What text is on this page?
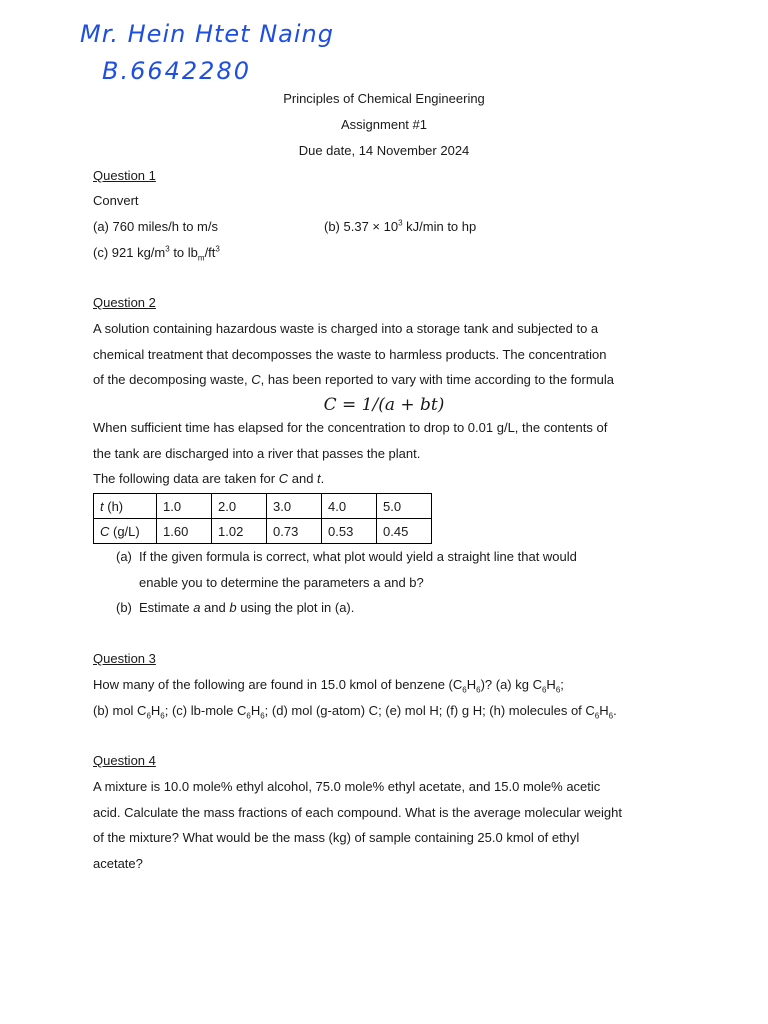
Mr. Hein Htet Naing
B.6642280
Principles of Chemical Engineering
Assignment #1
Due date, 14 November 2024
Question 1
Convert
(a) 760 miles/h to m/s	(b) $5.37 \times 10^3$ kJ/min to hp
(c) 921 $kg/m^3$ to $lb_m/ft^3$
Question 2
A solution containing hazardous waste is charged into a storage tank and subjected to a
chemical treatment that decomposses the waste to harmless products. The concentration
of the decomposing waste, C, has been reported to vary with time according to the formula
C = 1/(a + bt)
When sufficient time has elapsed for the concentration to drop to 0.01 g/L, the contents of
the tank are discharged into a river that passes the plant.
The following data are taken for C and t.
t (h)	1.0	2.0	3.0	4.0	5.0
C (g/L)	1.60	1.02	0.73	0.53	0.45
(a) If the given formula is correct, what plot would yield a straight line that would
enable you to determine the parameters a and b?
(b) Estimate a and b using the plot in (a).
Question 3
How many of the following are found in 15.0 kmol of benzene $(C_6H_6)$? (a) kg $C_6H_6$;
(b) mol $C_6H_6$; (c) lb-mole $C_6H_6$; (d) mol (g-atom) C; (e) mol H; (f) g H; (h) molecules of $C_6H_6$.
Question 4
A mixture is 10.0 mole% ethyl alcohol, 75.0 mole% ethyl acetate, and 15.0 mole% acetic
acid. Calculate the mass fractions of each compound. What is the average molecular weight
of the mixture? What would be the mass (kg) of sample containing 25.0 kmol of ethyl
acetate?
